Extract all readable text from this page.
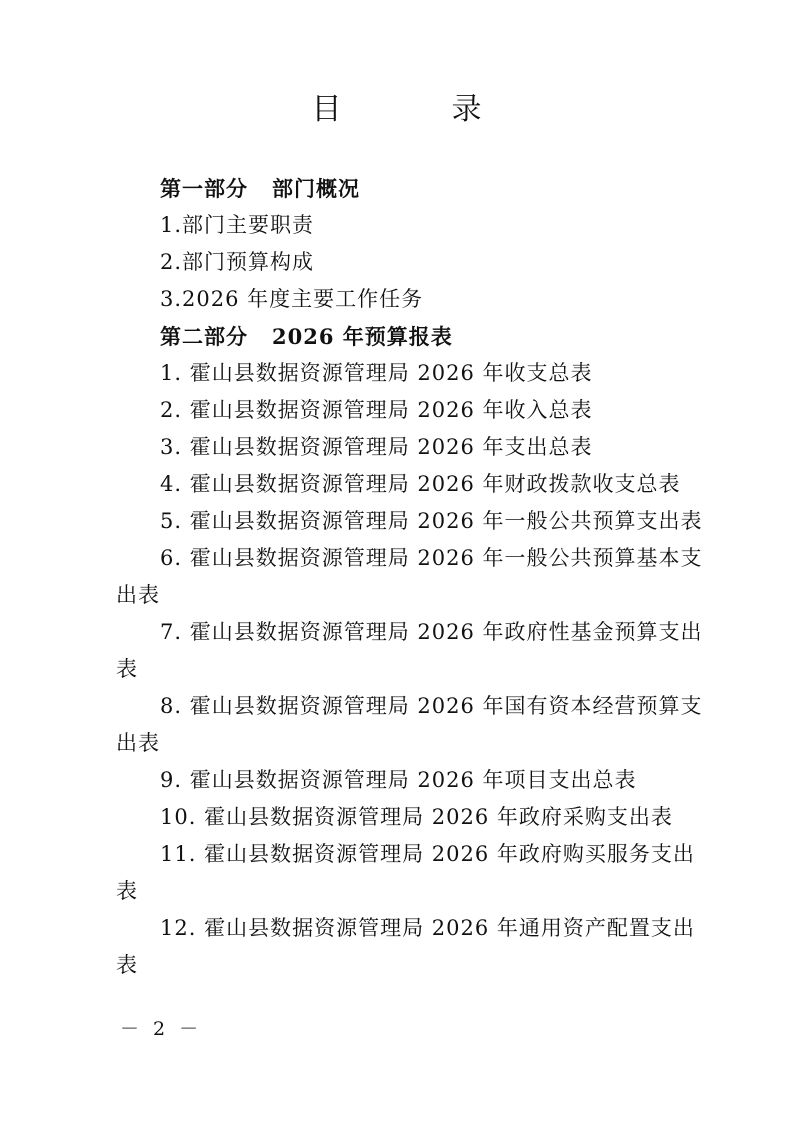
目　录
第一部分 部门概况
1.部门主要职责
2.部门预算构成
3.2026 年度主要工作任务
第二部分 2026 年预算报表
1. 霍山县数据资源管理局 2026 年收支总表
2. 霍山县数据资源管理局 2026 年收入总表
3. 霍山县数据资源管理局 2026 年支出总表
4. 霍山县数据资源管理局 2026 年财政拨款收支总表
5. 霍山县数据资源管理局 2026 年一般公共预算支出表
6. 霍山县数据资源管理局 2026 年一般公共预算基本支
出表
7. 霍山县数据资源管理局 2026 年政府性基金预算支出
表
8. 霍山县数据资源管理局 2026 年国有资本经营预算支
出表
9. 霍山县数据资源管理局 2026 年项目支出总表
10. 霍山县数据资源管理局 2026 年政府采购支出表
11. 霍山县数据资源管理局 2026 年政府购买服务支出
表
12. 霍山县数据资源管理局 2026 年通用资产配置支出
表
－ 2 －
